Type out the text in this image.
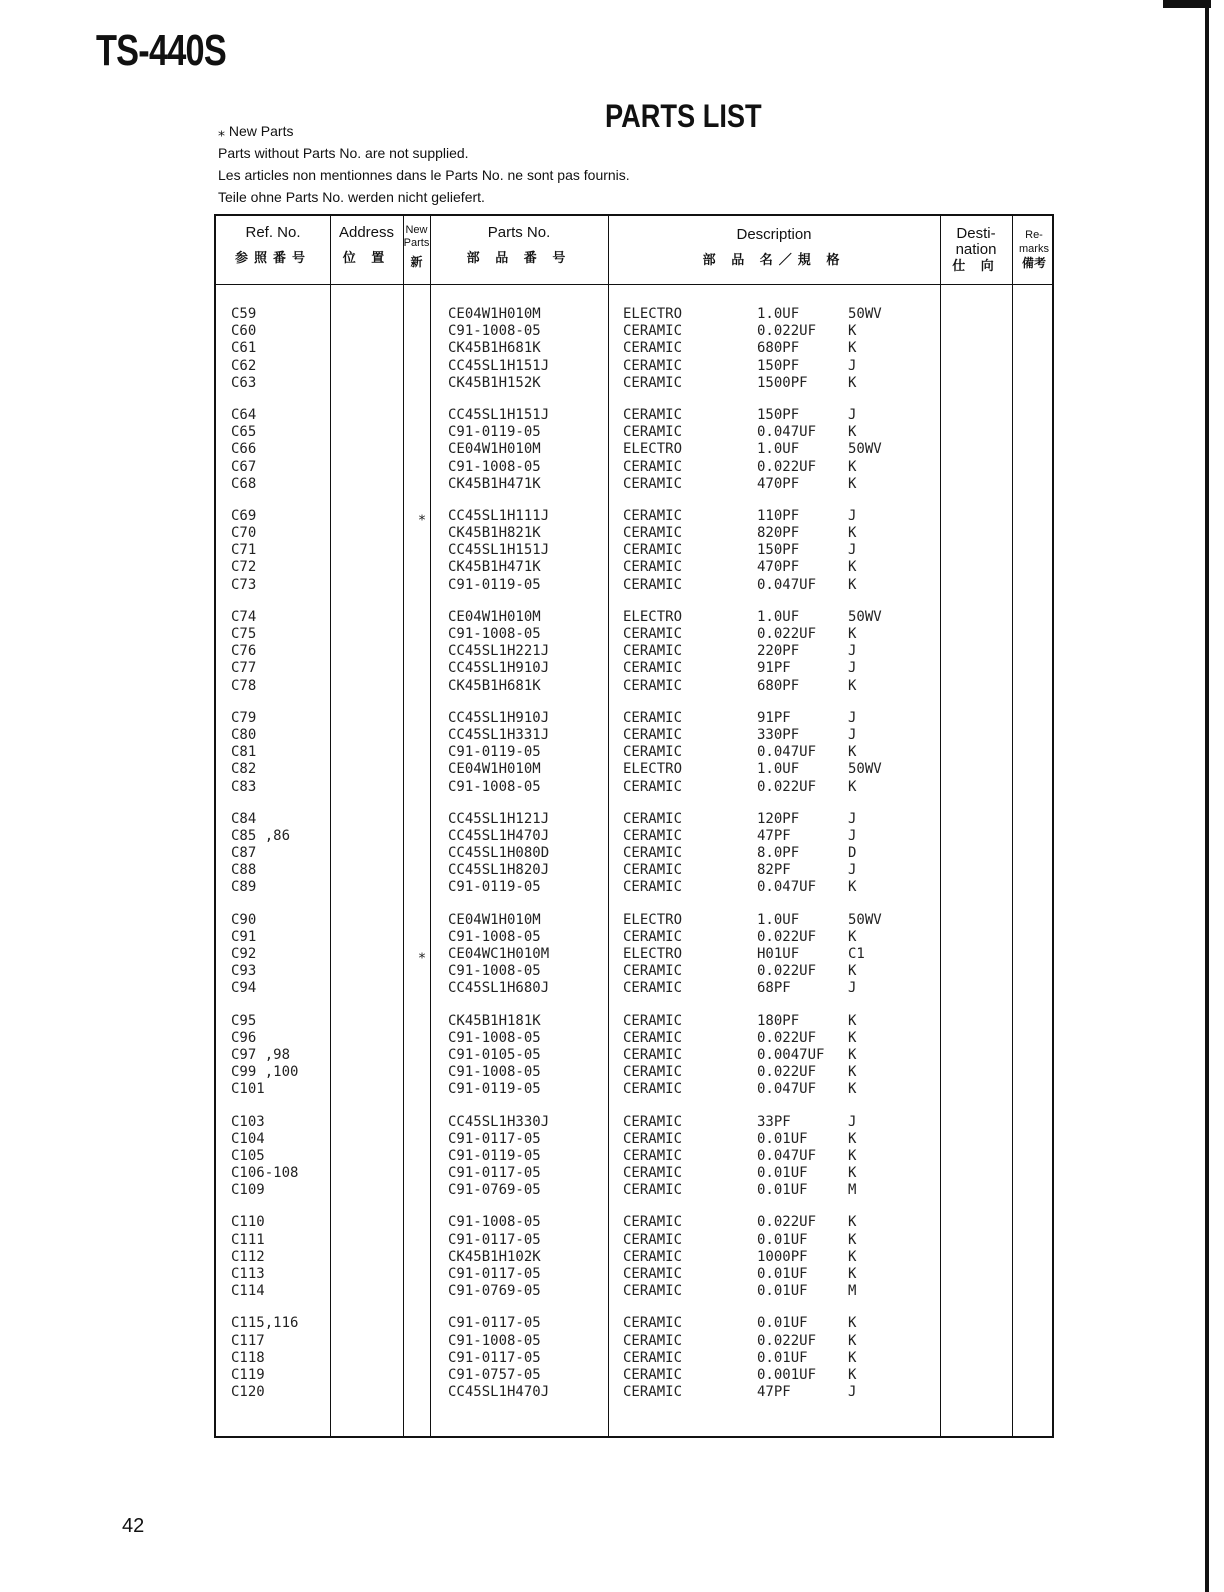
TS-440S
PARTS LIST
⁎ New Parts
Parts without Parts No. are not supplied.
Les articles non mentionnes dans le Parts No. ne sont pas fournis.
Teile ohne Parts No. werden nicht geliefert.
Ref. No.
参照番号
Address
位 置
New Parts
新
Parts No.
部 品 番 号
Description
部 品 名／規 格
Desti- nation
仕 向
Re- marks
備考
C59	CE04W1H010M	ELECTRO	1.0UF	50WV
C60	C91-1008-05	CERAMIC	0.022UF K
C61	CK45B1H681K	CERAMIC	680PF	K
C62	CC45SL1H151J	CERAMIC	150PF	J
C63	CK45B1H152K	CERAMIC	1500PF	K
C64	CC45SL1H151J	CERAMIC	150PF	J
C65	C91-0119-05	CERAMIC	0.047UF K
C66	CE04W1H010M	ELECTRO	1.0UF	50WV
C67	C91-1008-05	CERAMIC	0.022UF K
C68	CK45B1H471K	CERAMIC	470PF	K
C69	⁎	CC45SL1H111J	CERAMIC	110PF	J
C70	CK45B1H821K	CERAMIC	820PF	K
C71	CC45SL1H151J	CERAMIC	150PF	J
C72	CK45B1H471K	CERAMIC	470PF	K
C73	C91-0119-05	CERAMIC	0.047UF K
C74	CE04W1H010M	ELECTRO	1.0UF	50WV
C75	C91-1008-05	CERAMIC	0.022UF K
C76	CC45SL1H221J	CERAMIC	220PF	J
C77	CC45SL1H910J	CERAMIC	91PF	J
C78	CK45B1H681K	CERAMIC	680PF	K
C79	CC45SL1H910J	CERAMIC	91PF	J
C80	CC45SL1H331J	CERAMIC	330PF	J
C81	C91-0119-05	CERAMIC	0.047UF K
C82	CE04W1H010M	ELECTRO	1.0UF	50WV
C83	C91-1008-05	CERAMIC	0.022UF K
C84	CC45SL1H121J	CERAMIC	120PF	J
C85 ,86	CC45SL1H470J	CERAMIC	47PF	J
C87	CC45SL1H080D	CERAMIC	8.0PF	D
C88	CC45SL1H820J	CERAMIC	82PF	J
C89	C91-0119-05	CERAMIC	0.047UF K
C90	CE04W1H010M	ELECTRO	1.0UF	50WV
C91	C91-1008-05	CERAMIC	0.022UF K
C92	⁎	CE04WC1H010M	ELECTRO	H01UF	C1
C93	C91-1008-05	CERAMIC	0.022UF K
C94	CC45SL1H680J	CERAMIC	68PF	J
C95	CK45B1H181K	CERAMIC	180PF	K
C96	C91-1008-05	CERAMIC	0.022UF K
C97 ,98	C91-0105-05	CERAMIC	0.0047UF K
C99 ,100	C91-1008-05	CERAMIC	0.022UF K
C101	C91-0119-05	CERAMIC	0.047UF K
C103	CC45SL1H330J	CERAMIC	33PF	J
C104	C91-0117-05	CERAMIC	0.01UF	K
C105	C91-0119-05	CERAMIC	0.047UF K
C106-108	C91-0117-05	CERAMIC	0.01UF	K
C109	C91-0769-05	CERAMIC	0.01UF	M
C110	C91-1008-05	CERAMIC	0.022UF K
C111	C91-0117-05	CERAMIC	0.01UF	K
C112	CK45B1H102K	CERAMIC	1000PF	K
C113	C91-0117-05	CERAMIC	0.01UF	K
C114	C91-0769-05	CERAMIC	0.01UF	M
C115,116	C91-0117-05	CERAMIC	0.01UF	K
C117	C91-1008-05	CERAMIC	0.022UF K
C118	C91-0117-05	CERAMIC	0.01UF	K
C119	C91-0757-05	CERAMIC	0.001UF K
C120	CC45SL1H470J	CERAMIC	47PF	J
42
